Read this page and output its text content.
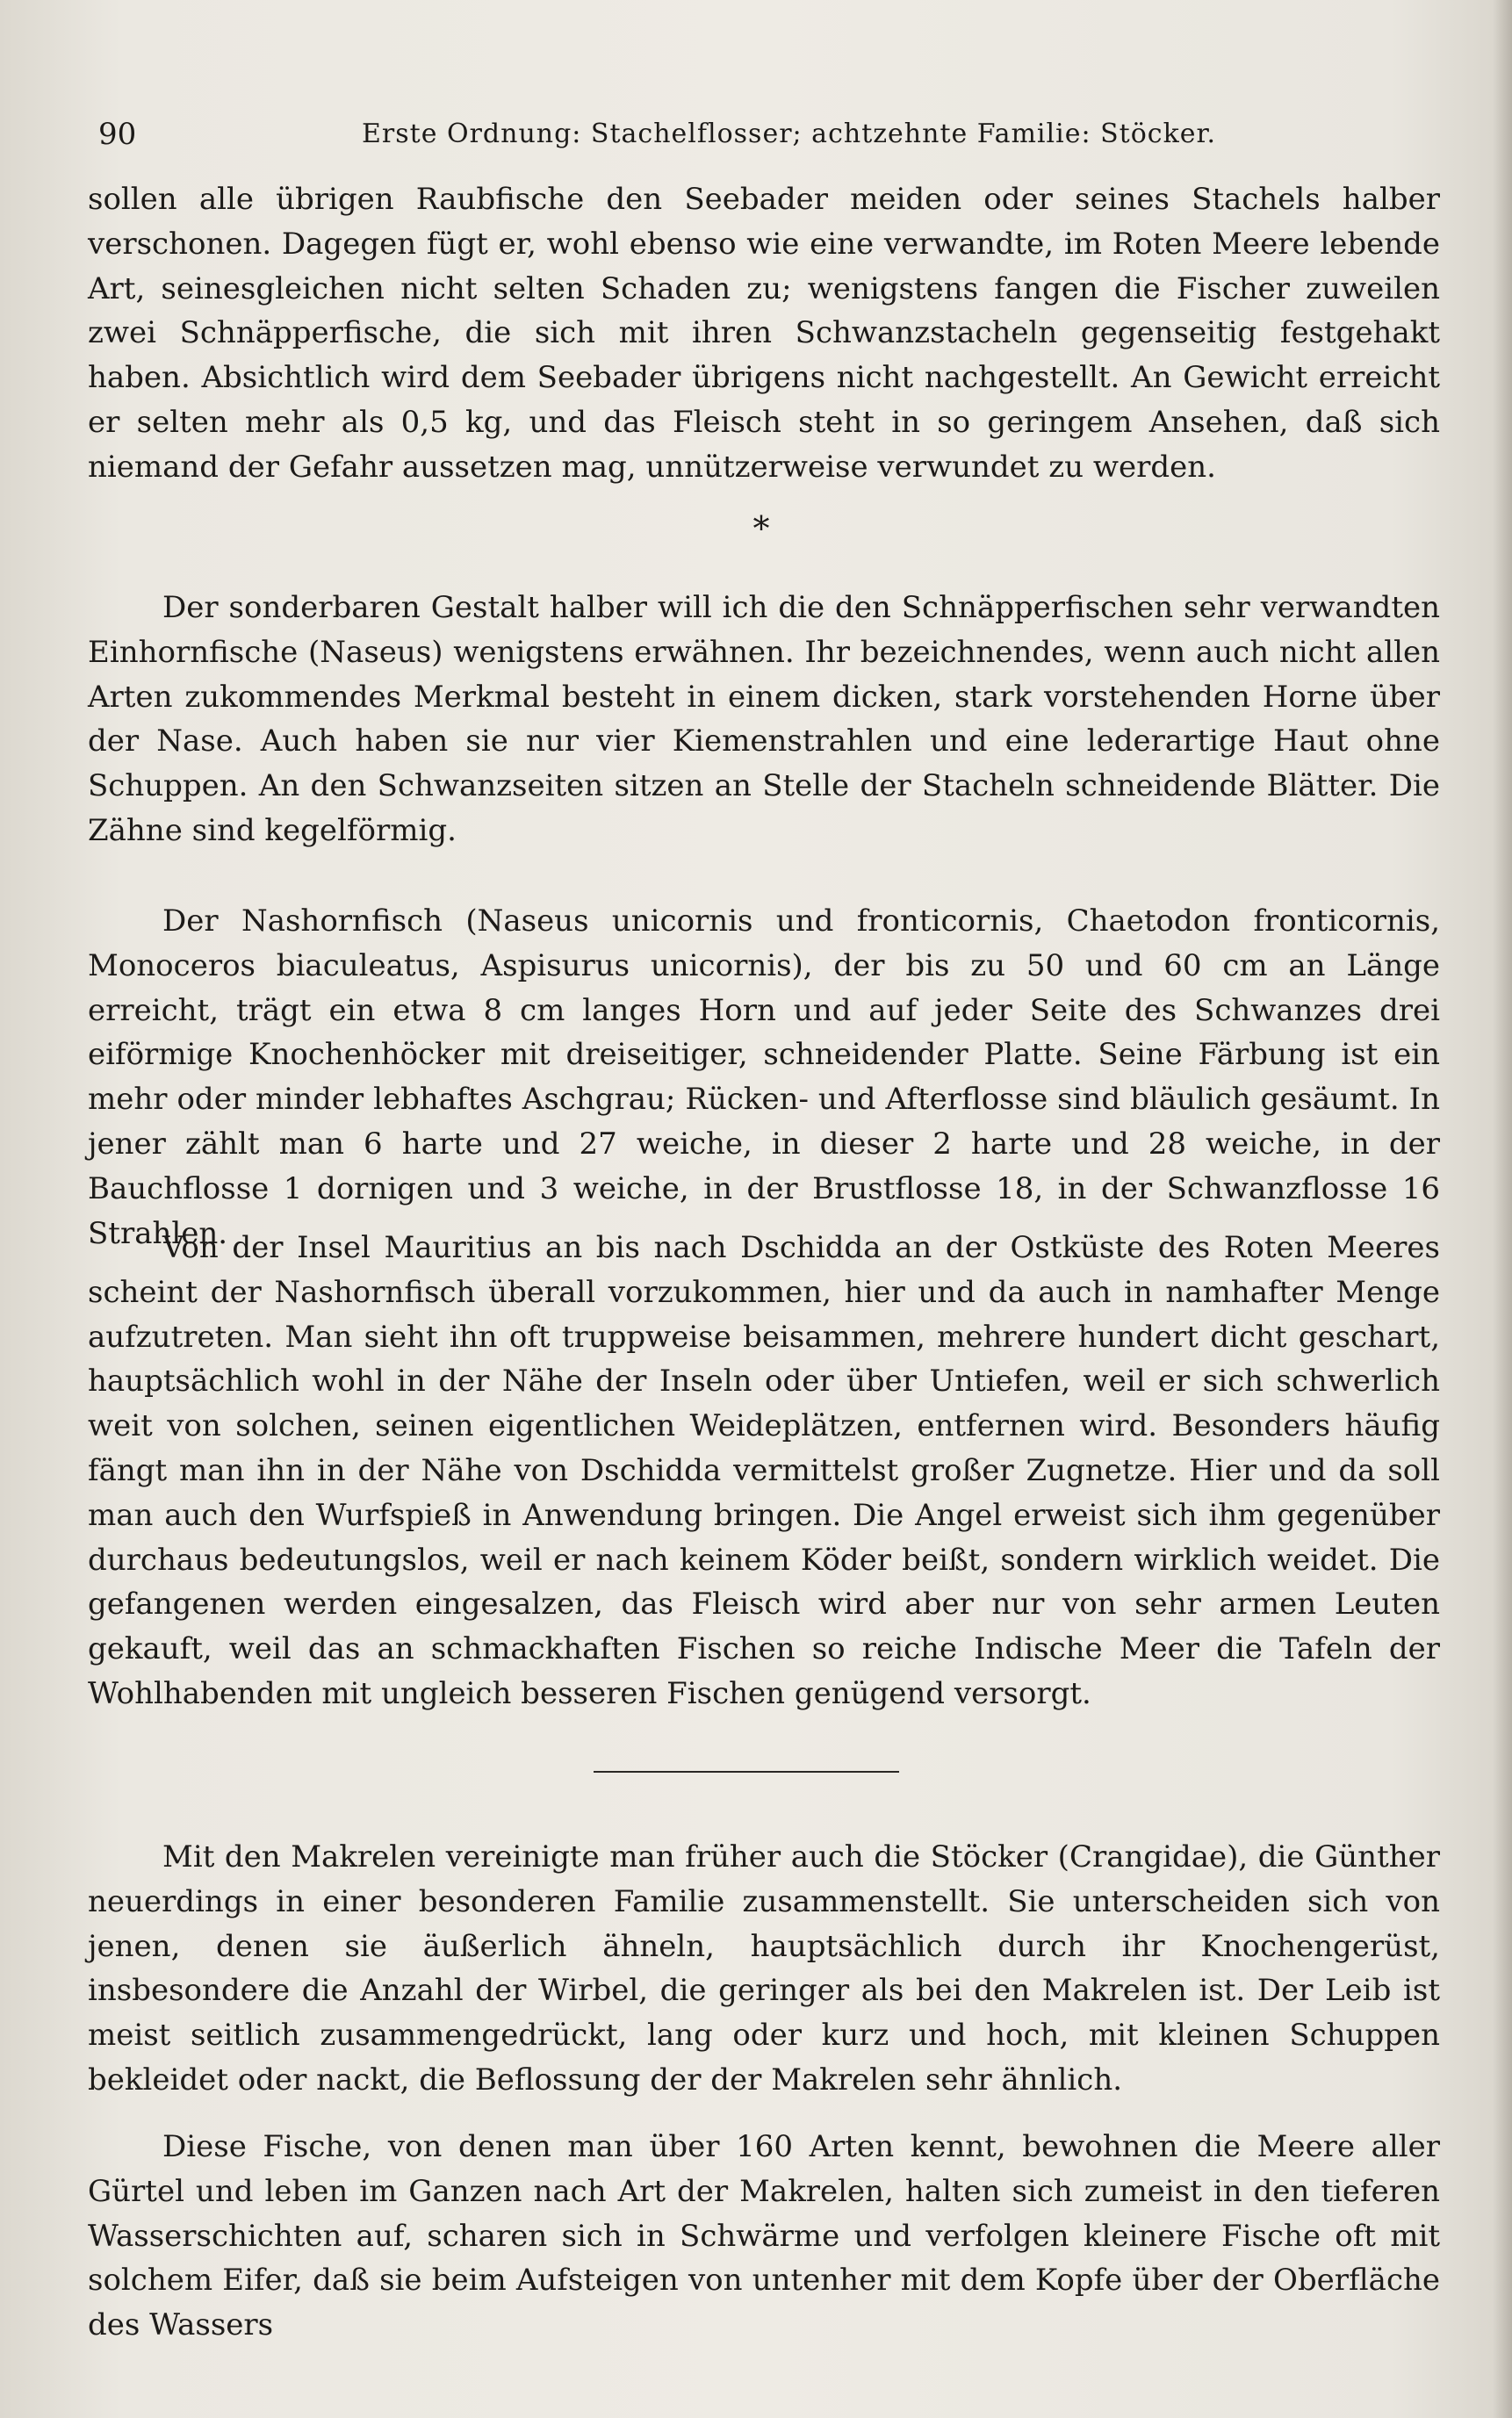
90	Erste Ordnung: Stachelflosser; achtzehnte Familie: Stöcker.

sollen alle übrigen Raubfische den Seebader meiden oder seines Stachels halber verschonen. Dagegen fügt er, wohl ebenso wie eine verwandte, im Roten Meere lebende Art, seinesgleichen nicht selten Schaden zu; wenigstens fangen die Fischer zuweilen zwei Schnäpperfische, die sich mit ihren Schwanzstacheln gegenseitig festgehakt haben. Absichtlich wird dem Seebader übrigens nicht nachgestellt. An Gewicht erreicht er selten mehr als 0,5 kg, und das Fleisch steht in so geringem Ansehen, daß sich niemand der Gefahr aussetzen mag, unnützerweise verwundet zu werden.

*

Der sonderbaren Gestalt halber will ich die den Schnäpperfischen sehr verwandten Einhornfische (Naseus) wenigstens erwähnen. Ihr bezeichnendes, wenn auch nicht allen Arten zukommendes Merkmal besteht in einem dicken, stark vorstehenden Horne über der Nase. Auch haben sie nur vier Kiemenstrahlen und eine lederartige Haut ohne Schuppen. An den Schwanzseiten sitzen an Stelle der Stacheln schneidende Blätter. Die Zähne sind kegelförmig.

Der Nashornfisch (Naseus unicornis und fronticornis, Chaetodon fronticornis, Monoceros biaculeatus, Aspisurus unicornis), der bis zu 50 und 60 cm an Länge erreicht, trägt ein etwa 8 cm langes Horn und auf jeder Seite des Schwanzes drei eiförmige Knochenhöcker mit dreiseitiger, schneidender Platte. Seine Färbung ist ein mehr oder minder lebhaftes Aschgrau; Rücken- und Afterflosse sind bläulich gesäumt. In jener zählt man 6 harte und 27 weiche, in dieser 2 harte und 28 weiche, in der Bauchflosse 1 dornigen und 3 weiche, in der Brustflosse 18, in der Schwanzflosse 16 Strahlen.

Von der Insel Mauritius an bis nach Dschidda an der Ostküste des Roten Meeres scheint der Nashornfisch überall vorzukommen, hier und da auch in namhafter Menge aufzutreten. Man sieht ihn oft truppweise beisammen, mehrere hundert dicht geschart, hauptsächlich wohl in der Nähe der Inseln oder über Untiefen, weil er sich schwerlich weit von solchen, seinen eigentlichen Weideplätzen, entfernen wird. Besonders häufig fängt man ihn in der Nähe von Dschidda vermittelst großer Zugnetze. Hier und da soll man auch den Wurfspieß in Anwendung bringen. Die Angel erweist sich ihm gegenüber durchaus bedeutungslos, weil er nach keinem Köder beißt, sondern wirklich weidet. Die gefangenen werden eingesalzen, das Fleisch wird aber nur von sehr armen Leuten gekauft, weil das an schmackhaften Fischen so reiche Indische Meer die Tafeln der Wohlhabenden mit ungleich besseren Fischen genügend versorgt.

Mit den Makrelen vereinigte man früher auch die Stöcker (Crangidae), die Günther neuerdings in einer besonderen Familie zusammenstellt. Sie unterscheiden sich von jenen, denen sie äußerlich ähneln, hauptsächlich durch ihr Knochengerüst, insbesondere die Anzahl der Wirbel, die geringer als bei den Makrelen ist. Der Leib ist meist seitlich zusammengedrückt, lang oder kurz und hoch, mit kleinen Schuppen bekleidet oder nackt, die Beflossung der der Makrelen sehr ähnlich.

Diese Fische, von denen man über 160 Arten kennt, bewohnen die Meere aller Gürtel und leben im Ganzen nach Art der Makrelen, halten sich zumeist in den tieferen Wasserschichten auf, scharen sich in Schwärme und verfolgen kleinere Fische oft mit solchem Eifer, daß sie beim Aufsteigen von untenher mit dem Kopfe über der Oberfläche des Wassers
